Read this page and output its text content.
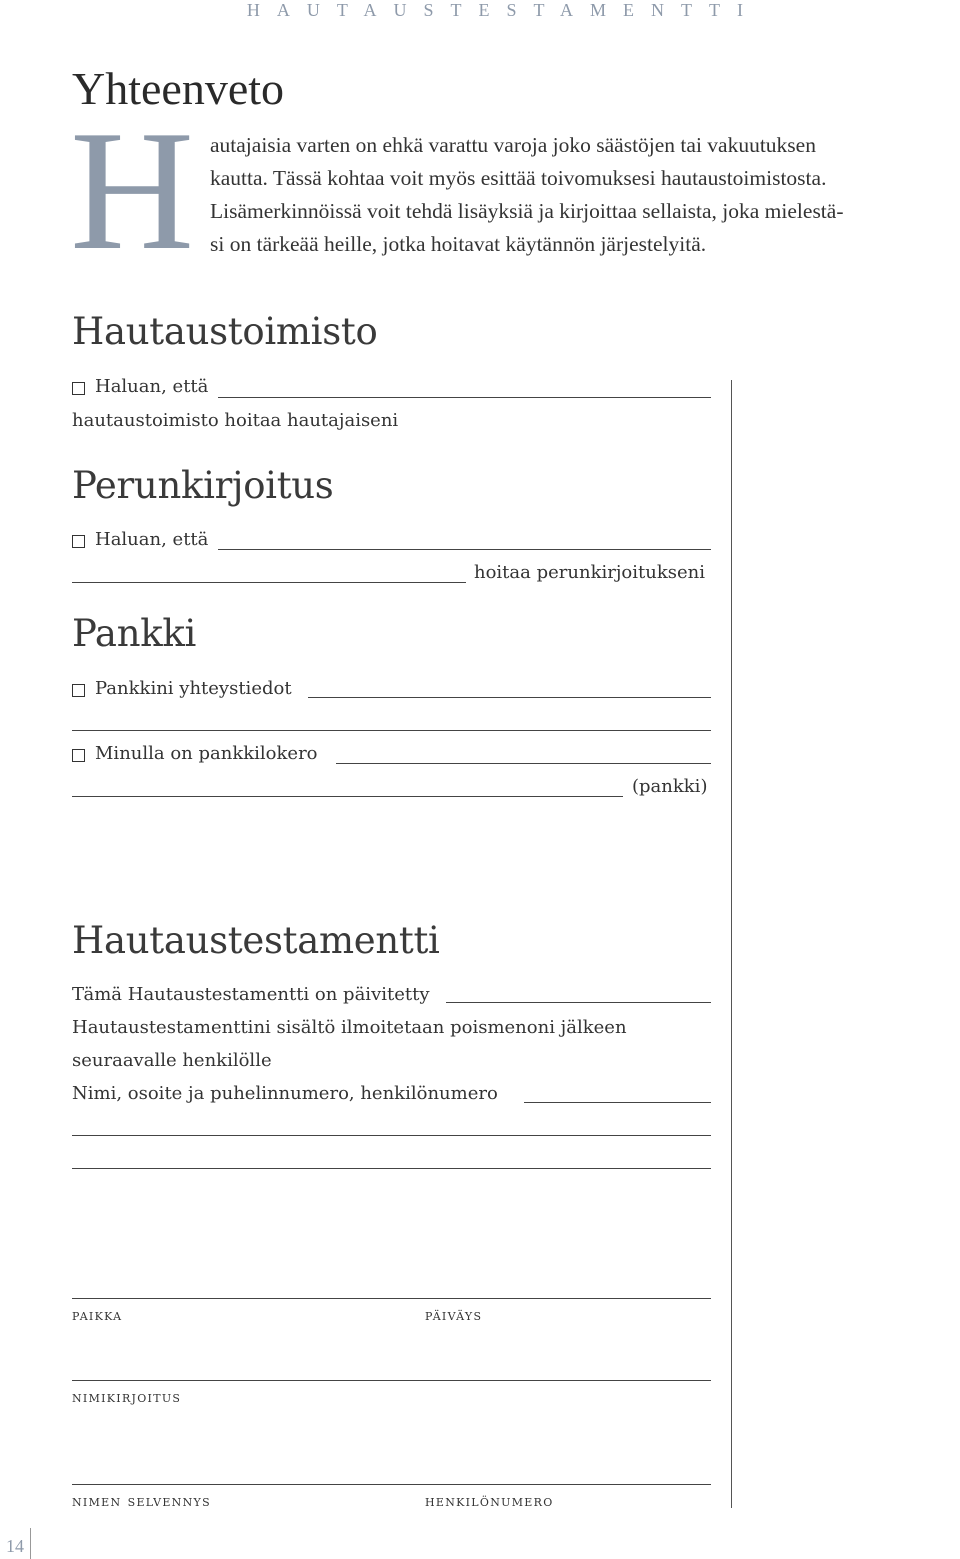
HAUTAUSTESTAMENTTI
Yhteenveto
H autajaisia varten on ehkä varattu varoja joko säästöjen tai vakuutuksen
kautta. Tässä kohtaa voit myös esittää toivomuksesi hautaustoimistosta.
Lisämerkinnöissä voit tehdä lisäyksiä ja kirjoittaa sellaista, joka mielestä-
si on tärkeää heille, jotka hoitavat käytännön järjestelyitä.
Hautaustoimisto
Haluan, että
hautaustoimisto hoitaa hautajaiseni
Perunkirjoitus
Haluan, että
hoitaa perunkirjoitukseni
Pankki
Pankkini yhteystiedot
Minulla on pankkilokero
(pankki)
Hautaustestamentti
Tämä Hautaustestamentti on päivitetty
Hautaustestamenttini sisältö ilmoitetaan poismenoni jälkeen
seuraavalle henkilölle
Nimi, osoite ja puhelinnumero, henkilönumero
paikka	päiväys
nimikirjoitus
nimen selvennys	henkilönumero
14
